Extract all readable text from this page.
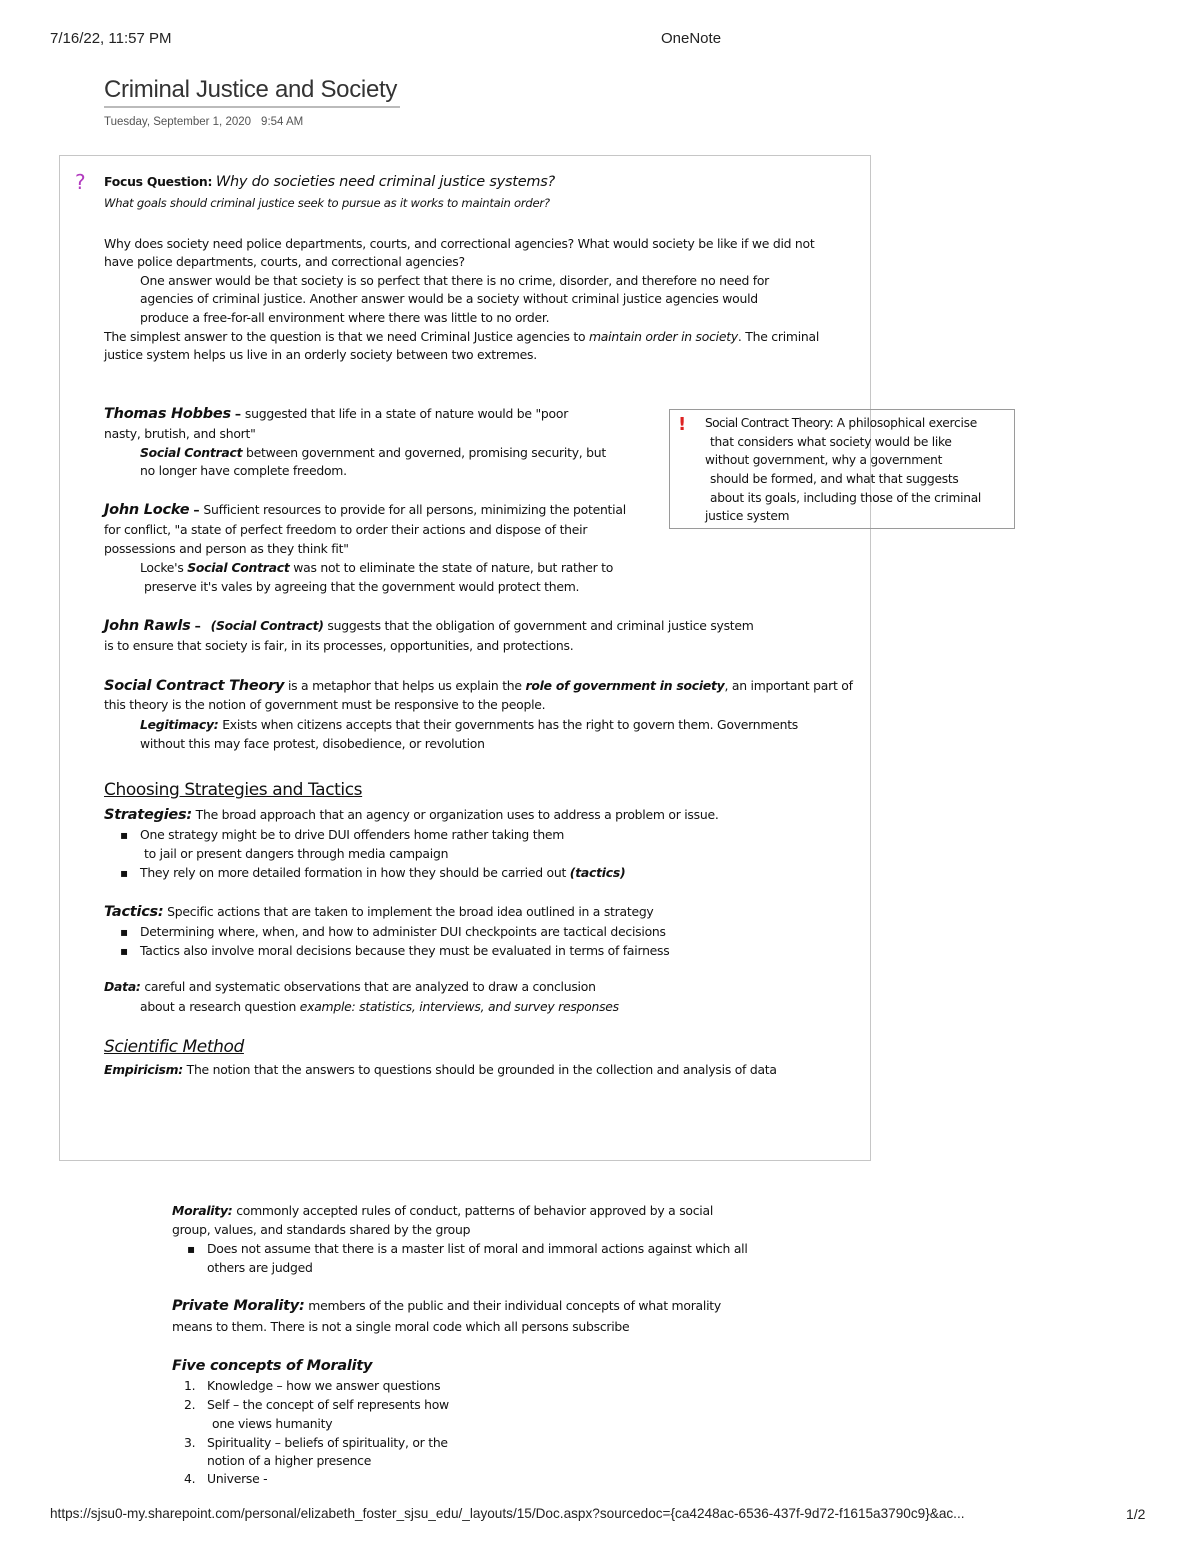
7/16/22, 11:57 PM	OneNote
Criminal Justice and Society
Tuesday, September 1, 2020 9:54 AM
? Focus Question: Why do societies need criminal justice systems?
What goals should criminal justice seek to pursue as it works to maintain order?
Why does society need police departments, courts, and correctional agencies? What would society be like if we did not
have police departments, courts, and correctional agencies?
One answer would be that society is so perfect that there is no crime, disorder, and therefore no need for
agencies of criminal justice. Another answer would be a society without criminal justice agencies would
produce a free-for-all environment where there was little to no order.
The simplest answer to the question is that we need Criminal Justice agencies to maintain order in society. The criminal
justice system helps us live in an orderly society between two extremes.
Thomas Hobbes – suggested that life in a state of nature would be "poor
nasty, brutish, and short"
Social Contract between government and governed, promising security, but
no longer have complete freedom.
John Locke – Sufficient resources to provide for all persons, minimizing the potential
for conflict, "a state of perfect freedom to order their actions and dispose of their
possessions and person as they think fit"
Locke's Social Contract was not to eliminate the state of nature, but rather to
preserve it's vales by agreeing that the government would protect them.
John Rawls – (Social Contract) suggests that the obligation of government and criminal justice system
is to ensure that society is fair, in its processes, opportunities, and protections.
Social Contract Theory is a metaphor that helps us explain the role of government in society, an important part of
this theory is the notion of government must be responsive to the people.
Legitimacy: Exists when citizens accepts that their governments has the right to govern them. Governments
without this may face protest, disobedience, or revolution
Choosing Strategies and Tactics
Strategies: The broad approach that an agency or organization uses to address a problem or issue.
▪ One strategy might be to drive DUI offenders home rather taking them
to jail or present dangers through media campaign
▪ They rely on more detailed formation in how they should be carried out (tactics)
Tactics: Specific actions that are taken to implement the broad idea outlined in a strategy
▪ Determining where, when, and how to administer DUI checkpoints are tactical decisions
▪ Tactics also involve moral decisions because they must be evaluated in terms of fairness
Data: careful and systematic observations that are analyzed to draw a conclusion
about a research question example: statistics, interviews, and survey responses
Scientific Method
Empiricism: The notion that the answers to questions should be grounded in the collection and analysis of data
! Social Contract Theory: A philosophical exercise
that considers what society would be like
without government, why a government
should be formed, and what that suggests
about its goals, including those of the criminal
justice system
Morality: commonly accepted rules of conduct, patterns of behavior approved by a social
group, values, and standards shared by the group
▪ Does not assume that there is a master list of moral and immoral actions against which all
others are judged
Private Morality: members of the public and their individual concepts of what morality
means to them. There is not a single moral code which all persons subscribe
Five concepts of Morality
1. Knowledge – how we answer questions
2. Self – the concept of self represents how
one views humanity
3. Spirituality – beliefs of spirituality, or the
notion of a higher presence
4. Universe -
https://sjsu0-my.sharepoint.com/personal/elizabeth_foster_sjsu_edu/_layouts/15/Doc.aspx?sourcedoc={ca4248ac-6536-437f-9d72-f1615a3790c9}&ac...	1/2
